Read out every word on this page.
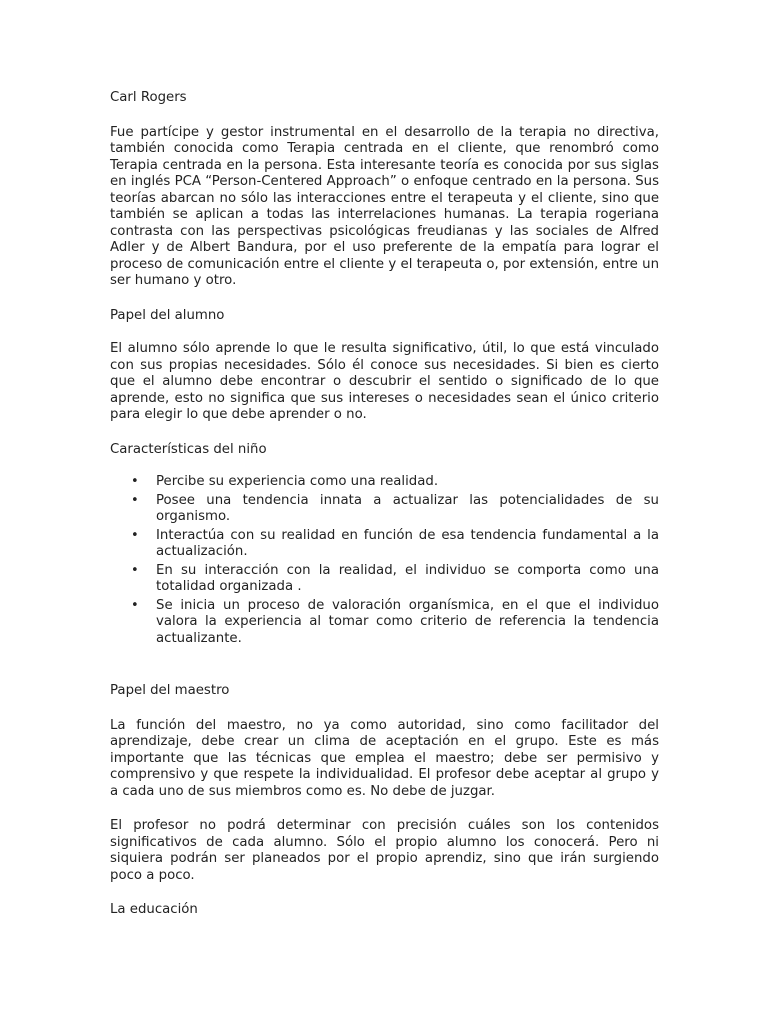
Carl Rogers

Fue partícipe y gestor instrumental en el desarrollo de la terapia no directiva, también conocida como Terapia centrada en el cliente, que renombró como Terapia centrada en la persona. Esta interesante teoría es conocida por sus siglas en inglés PCA “Person-Centered Approach” o enfoque centrado en la persona. Sus teorías abarcan no sólo las interacciones entre el terapeuta y el cliente, sino que también se aplican a todas las interrelaciones humanas. La terapia rogeriana contrasta con las perspectivas psicológicas freudianas y las sociales de Alfred Adler y de Albert Bandura, por el uso preferente de la empatía para lograr el proceso de comunicación entre el cliente y el terapeuta o, por extensión, entre un ser humano y otro.

Papel del alumno

El alumno sólo aprende lo que le resulta significativo, útil, lo que está vinculado con sus propias necesidades. Sólo él conoce sus necesidades. Si bien es cierto que el alumno debe encontrar o descubrir el sentido o significado de lo que aprende, esto no significa que sus intereses o necesidades sean el único criterio para elegir lo que debe aprender o no.

Características del niño

• Percibe su experiencia como una realidad.
• Posee una tendencia innata a actualizar las potencialidades de su organismo.
• Interactúa con su realidad en función de esa tendencia fundamental a la actualización.
• En su interacción con la realidad, el individuo se comporta como una totalidad organizada .
• Se inicia un proceso de valoración organísmica, en el que el individuo valora la experiencia al tomar como criterio de referencia la tendencia actualizante.

Papel del maestro

La función del maestro, no ya como autoridad, sino como facilitador del aprendizaje, debe crear un clima de aceptación en el grupo. Este es más importante que las técnicas que emplea el maestro; debe ser permisivo y comprensivo y que respete la individualidad. El profesor debe aceptar al grupo y a cada uno de sus miembros como es. No debe de juzgar.

El profesor no podrá determinar con precisión cuáles son los contenidos significativos de cada alumno. Sólo el propio alumno los conocerá. Pero ni siquiera podrán ser planeados por el propio aprendiz, sino que irán surgiendo poco a poco.

La educación
